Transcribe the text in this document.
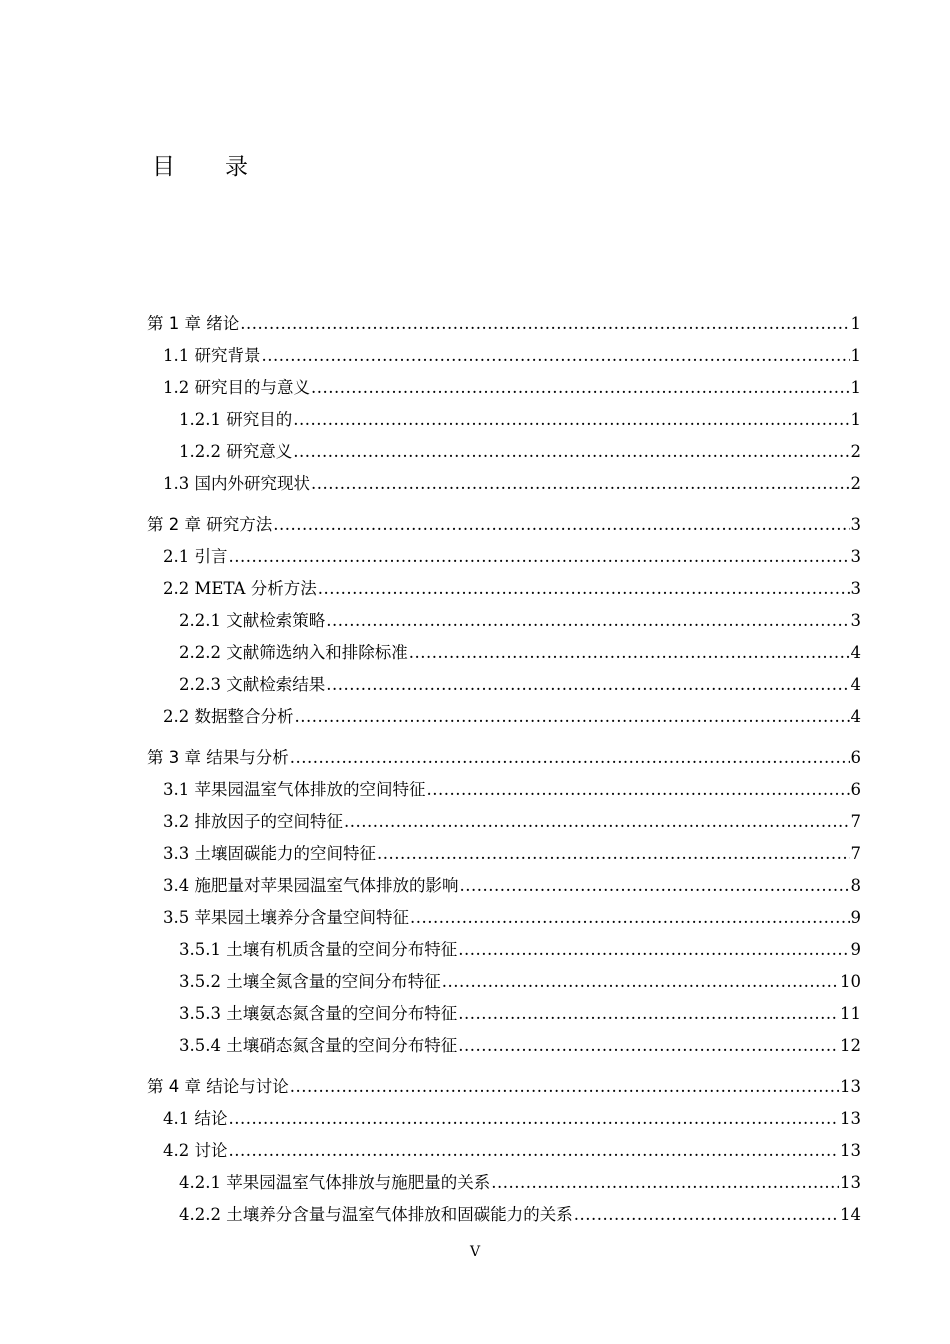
目 录
第 1 章 绪论 .....	1
1.1 研究背景 .....	1
1.2 研究目的与意义 .....	1
1.2.1 研究目的 .....	1
1.2.2 研究意义 .....	2
1.3 国内外研究现状 .....	2
第 2 章 研究方法 .....	3
2.1 引言 .....	3
2.2 META 分析方法 .....	3
2.2.1 文献检索策略 .....	3
2.2.2 文献筛选纳入和排除标准 .....	4
2.2.3 文献检索结果 .....	4
2.2 数据整合分析 .....	4
第 3 章 结果与分析 .....	6
3.1 苹果园温室气体排放的空间特征 .....	6
3.2 排放因子的空间特征 .....	7
3.3 土壤固碳能力的空间特征 .....	7
3.4 施肥量对苹果园温室气体排放的影响 .....	8
3.5 苹果园土壤养分含量空间特征 .....	9
3.5.1 土壤有机质含量的空间分布特征 .....	9
3.5.2 土壤全氮含量的空间分布特征 .....	10
3.5.3 土壤氨态氮含量的空间分布特征 .....	11
3.5.4 土壤硝态氮含量的空间分布特征 .....	12
第 4 章 结论与讨论 .....	13
4.1 结论 .....	13
4.2 讨论 .....	13
4.2.1 苹果园温室气体排放与施肥量的关系 .....	13
4.2.2 土壤养分含量与温室气体排放和固碳能力的关系 .....	14
V
